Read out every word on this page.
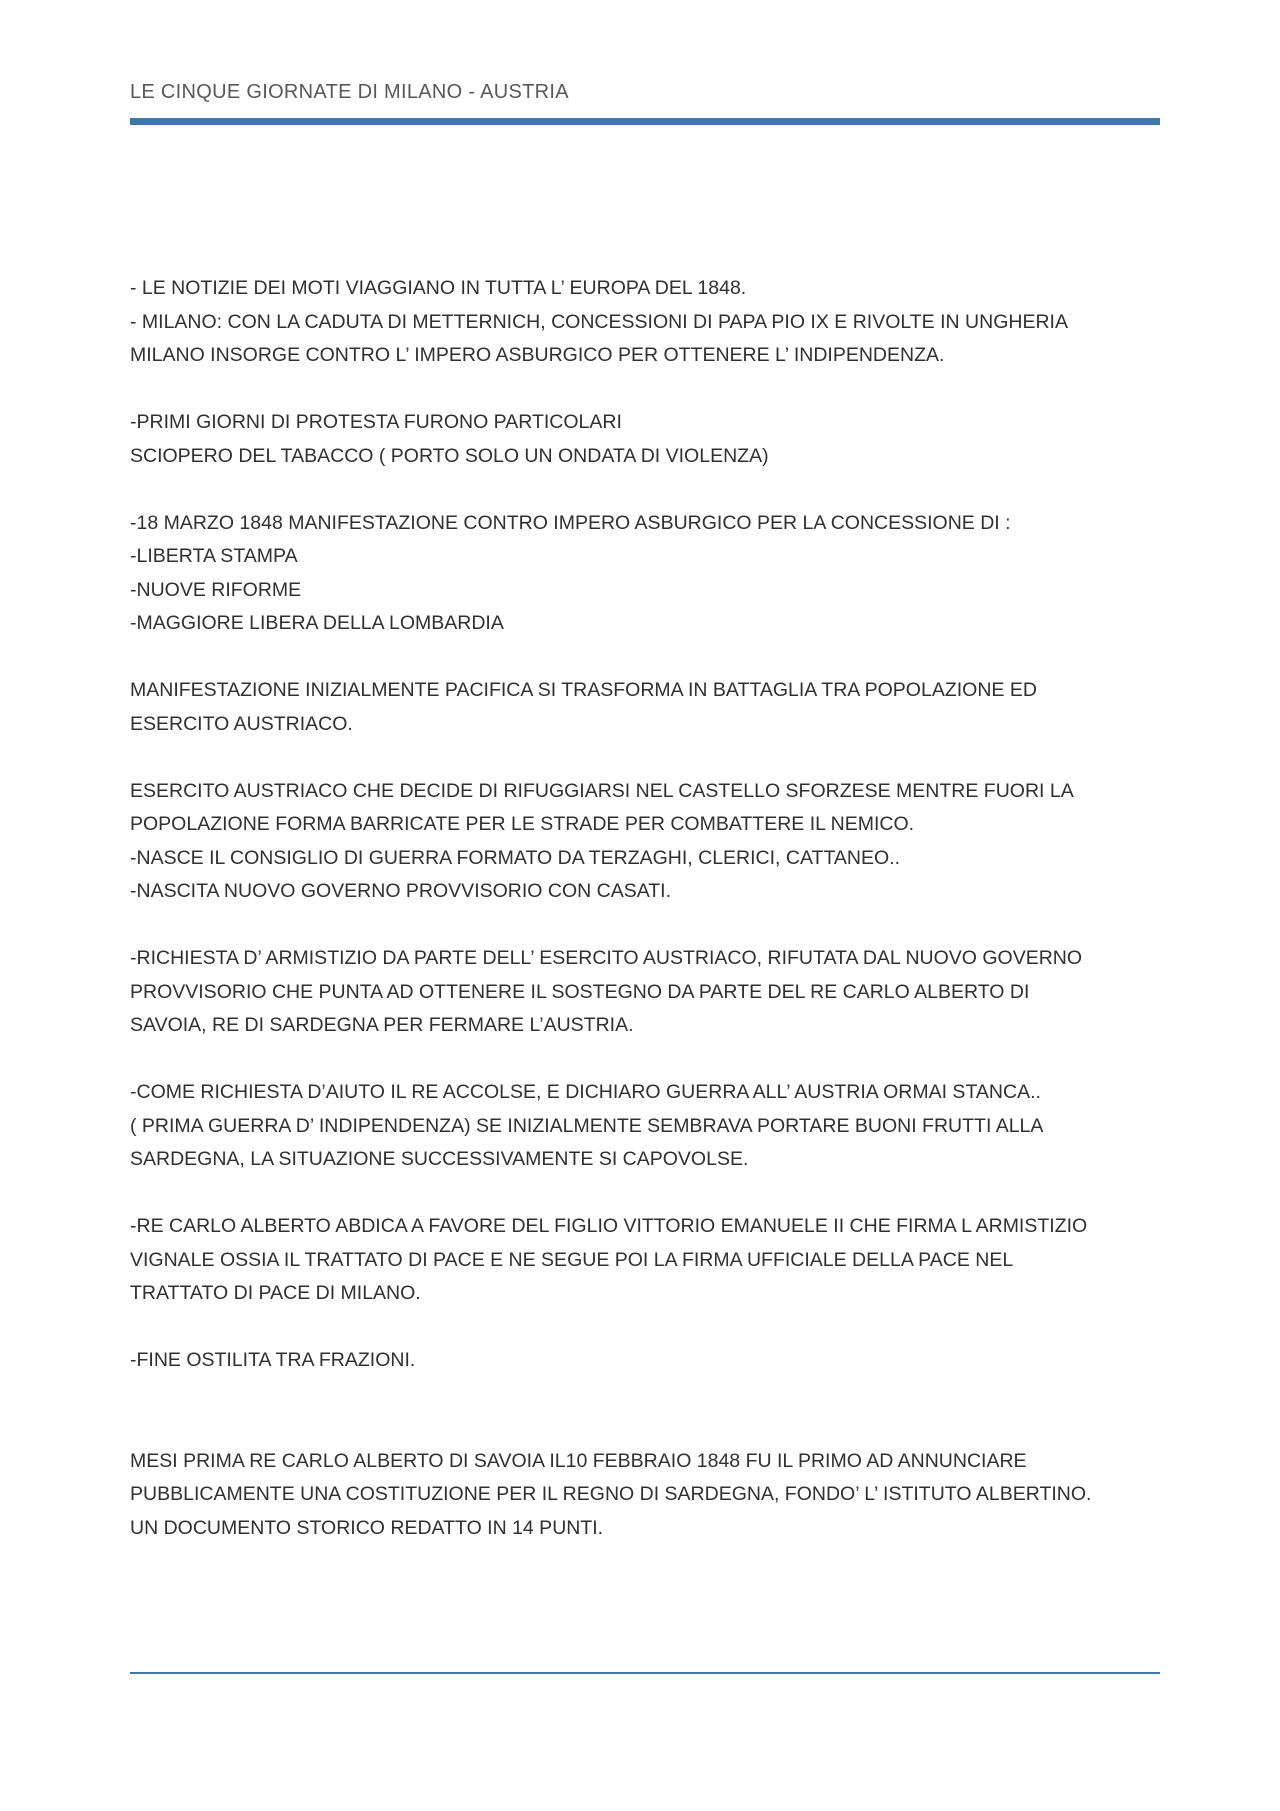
LE CINQUE GIORNATE DI MILANO - AUSTRIA

- LE NOTIZIE DEI MOTI VIAGGIANO IN TUTTA L’ EUROPA DEL 1848.

- MILANO: CON LA CADUTA DI METTERNICH, CONCESSIONI DI PAPA PIO IX E RIVOLTE IN UNGHERIA

MILANO INSORGE CONTRO L’ IMPERO ASBURGICO PER OTTENERE L’ INDIPENDENZA.

-PRIMI GIORNI DI PROTESTA FURONO PARTICOLARI

SCIOPERO DEL TABACCO ( PORTO SOLO UN ONDATA DI VIOLENZA)

-18 MARZO 1848 MANIFESTAZIONE CONTRO IMPERO ASBURGICO PER LA CONCESSIONE DI :

-LIBERTA STAMPA

-NUOVE RIFORME

-MAGGIORE LIBERA DELLA LOMBARDIA

MANIFESTAZIONE INIZIALMENTE PACIFICA SI TRASFORMA IN BATTAGLIA TRA POPOLAZIONE ED

ESERCITO AUSTRIACO.

ESERCITO AUSTRIACO CHE DECIDE DI RIFUGGIARSI NEL CASTELLO SFORZESE MENTRE FUORI LA

POPOLAZIONE FORMA BARRICATE PER LE STRADE PER COMBATTERE IL NEMICO.

-NASCE IL CONSIGLIO DI GUERRA FORMATO DA TERZAGHI, CLERICI, CATTANEO..

-NASCITA NUOVO GOVERNO PROVVISORIO CON CASATI.

-RICHIESTA D’ ARMISTIZIO DA PARTE DELL’ ESERCITO AUSTRIACO, RIFUTATA DAL NUOVO GOVERNO

PROVVISORIO CHE PUNTA AD OTTENERE IL SOSTEGNO DA PARTE DEL RE CARLO ALBERTO DI

SAVOIA, RE DI SARDEGNA PER FERMARE L’AUSTRIA.

-COME RICHIESTA D’AIUTO IL RE ACCOLSE, E DICHIARO GUERRA ALL’ AUSTRIA ORMAI STANCA..

( PRIMA GUERRA D’ INDIPENDENZA) SE INIZIALMENTE SEMBRAVA PORTARE BUONI FRUTTI ALLA

SARDEGNA, LA SITUAZIONE SUCCESSIVAMENTE SI CAPOVOLSE.

-RE CARLO ALBERTO ABDICA A FAVORE DEL FIGLIO VITTORIO EMANUELE II CHE FIRMA L ARMISTIZIO

VIGNALE OSSIA IL TRATTATO DI PACE E NE SEGUE POI LA FIRMA UFFICIALE DELLA PACE NEL

TRATTATO DI PACE DI MILANO.

-FINE OSTILITA TRA FRAZIONI.

MESI PRIMA RE CARLO ALBERTO DI SAVOIA IL10 FEBBRAIO 1848 FU IL PRIMO AD ANNUNCIARE

PUBBLICAMENTE UNA COSTITUZIONE PER IL REGNO DI SARDEGNA, FONDO’ L’ ISTITUTO ALBERTINO.

UN DOCUMENTO STORICO REDATTO IN 14 PUNTI.
